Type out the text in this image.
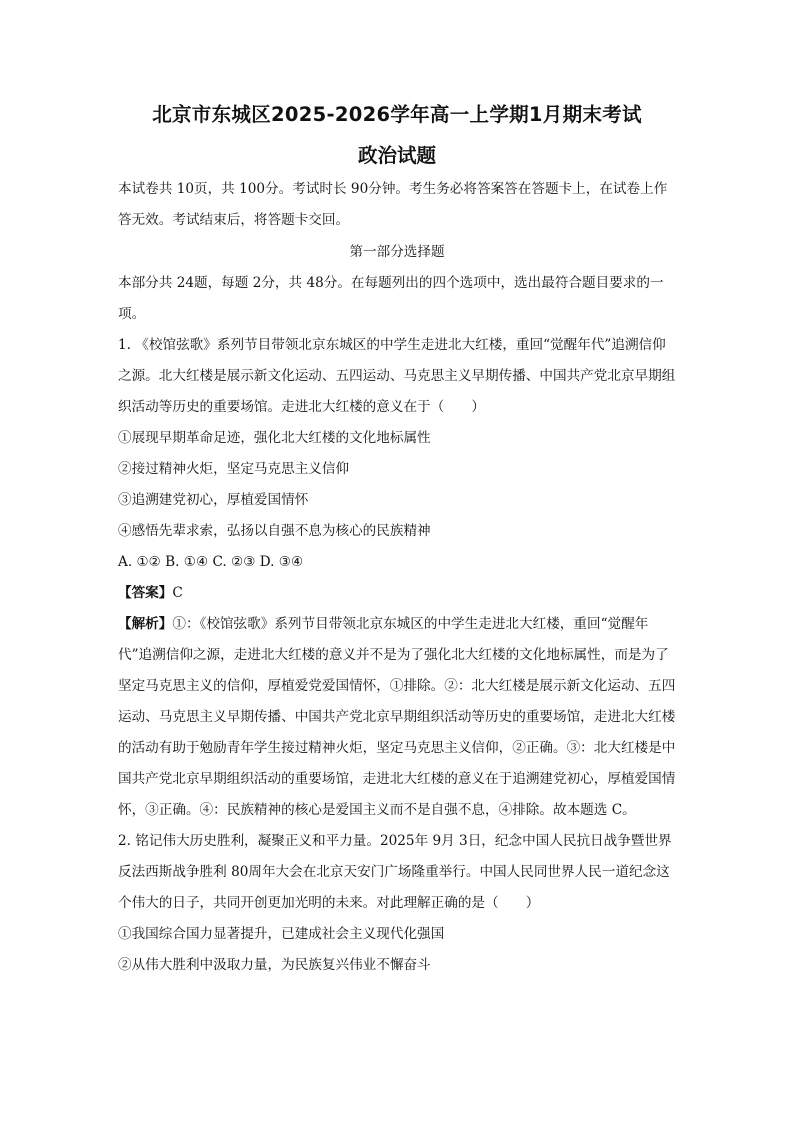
北京市东城区2025-2026学年高一上学期1月期末考试
政治试题

本试卷共 10页，共 100分。考试时长 90分钟。考生务必将答案答在答题卡上，在试卷上作答无效。考试结束后，将答题卡交回。

第一部分选择题

本部分共 24题，每题 2分，共 48分。在每题列出的四个选项中，选出最符合题目要求的一项。

1. 《校馆弦歌》系列节目带领北京东城区的中学生走进北大红楼，重回“觉醒年代”追溯信仰之源。北大红楼是展示新文化运动、五四运动、马克思主义早期传播、中国共产党北京早期组织活动等历史的重要场馆。走进北大红楼的意义在于（　　）

①展现早期革命足迹，强化北大红楼的文化地标属性

②接过精神火炬，坚定马克思主义信仰

③追溯建党初心，厚植爱国情怀

④感悟先辈求索，弘扬以自强不息为核心的民族精神

A. ①② B. ①④ C. ②③ D. ③④

【答案】C

【解析】①：《校馆弦歌》系列节目带领北京东城区的中学生走进北大红楼，重回“觉醒年代”追溯信仰之源，走进北大红楼的意义并不是为了强化北大红楼的文化地标属性，而是为了坚定马克思主义的信仰，厚植爱党爱国情怀，①排除。②：北大红楼是展示新文化运动、五四运动、马克思主义早期传播、中国共产党北京早期组织活动等历史的重要场馆，走进北大红楼的活动有助于勉励青年学生接过精神火炬，坚定马克思主义信仰，②正确。③：北大红楼是中国共产党北京早期组织活动的重要场馆，走进北大红楼的意义在于追溯建党初心，厚植爱国情怀，③正确。④：民族精神的核心是爱国主义而不是自强不息，④排除。故本题选 C。

2. 铭记伟大历史胜利，凝聚正义和平力量。2025年 9月 3日，纪念中国人民抗日战争暨世界反法西斯战争胜利 80周年大会在北京天安门广场隆重举行。中国人民同世界人民一道纪念这个伟大的日子，共同开创更加光明的未来。对此理解正确的是（　　）

①我国综合国力显著提升，已建成社会主义现代化强国

②从伟大胜利中汲取力量，为民族复兴伟业不懈奋斗
